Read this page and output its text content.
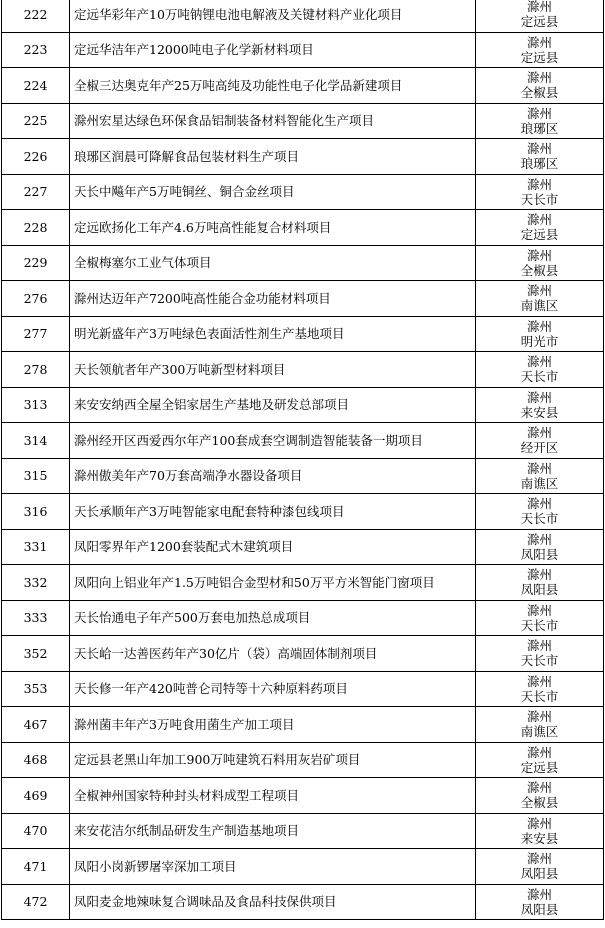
222	定远华彩年产10万吨钠锂电池电解液及关键材料产业化项目	滁州
定远县

223	定远华洁年产12000吨电子化学新材料项目	滁州
定远县

224	全椒三达奥克年产25万吨高纯及功能性电子化学品新建项目	滁州
全椒县

225	滁州宏星达绿色环保食品铝制装备材料智能化生产项目	滁州
琅琊区

226	琅琊区润晨可降解食品包装材料生产项目	滁州
琅琊区

227	天长中飚年产5万吨铜丝、铜合金丝项目	滁州
天长市

228	定远欧扬化工年产4.6万吨高性能复合材料项目	滁州
定远县

229	全椒梅塞尔工业气体项目	滁州
全椒县

276	滁州达迈年产7200吨高性能合金功能材料项目	滁州
南谯区

277	明光新盛年产3万吨绿色表面活性剂生产基地项目	滁州
明光市

278	天长领航者年产300万吨新型材料项目	滁州
天长市

313	来安安纳西全屋全铝家居生产基地及研发总部项目	滁州
来安县

314	滁州经开区西爱西尔年产100套成套空调制造智能装备一期项目	滁州
经开区

315	滁州傲美年产70万套高端净水器设备项目	滁州
南谯区

316	天长承顺年产3万吨智能家电配套特种漆包线项目	滁州
天长市

331	凤阳零界年产1200套装配式木建筑项目	滁州
凤阳县

332	凤阳向上铝业年产1.5万吨铝合金型材和50万平方米智能门窗项目	滁州
凤阳县

333	天长怡通电子年产500万套电加热总成项目	滁州
天长市

352	天长峆一达善医药年产30亿片（袋）高端固体制剂项目	滁州
天长市

353	天长修一年产420吨普仑司特等十六种原料药项目	滁州
天长市

467	滁州菌丰年产3万吨食用菌生产加工项目	滁州
南谯区

468	定远县老黑山年加工900万吨建筑石料用灰岩矿项目	滁州
定远县

469	全椒神州国家特种封头材料成型工程项目	滁州
全椒县

470	来安花洁尔纸制品研发生产制造基地项目	滁州
来安县

471	凤阳小岗新锣屠宰深加工项目	滁州
凤阳县

472	凤阳麦金地辣味复合调味品及食品科技保供项目	滁州
凤阳县
